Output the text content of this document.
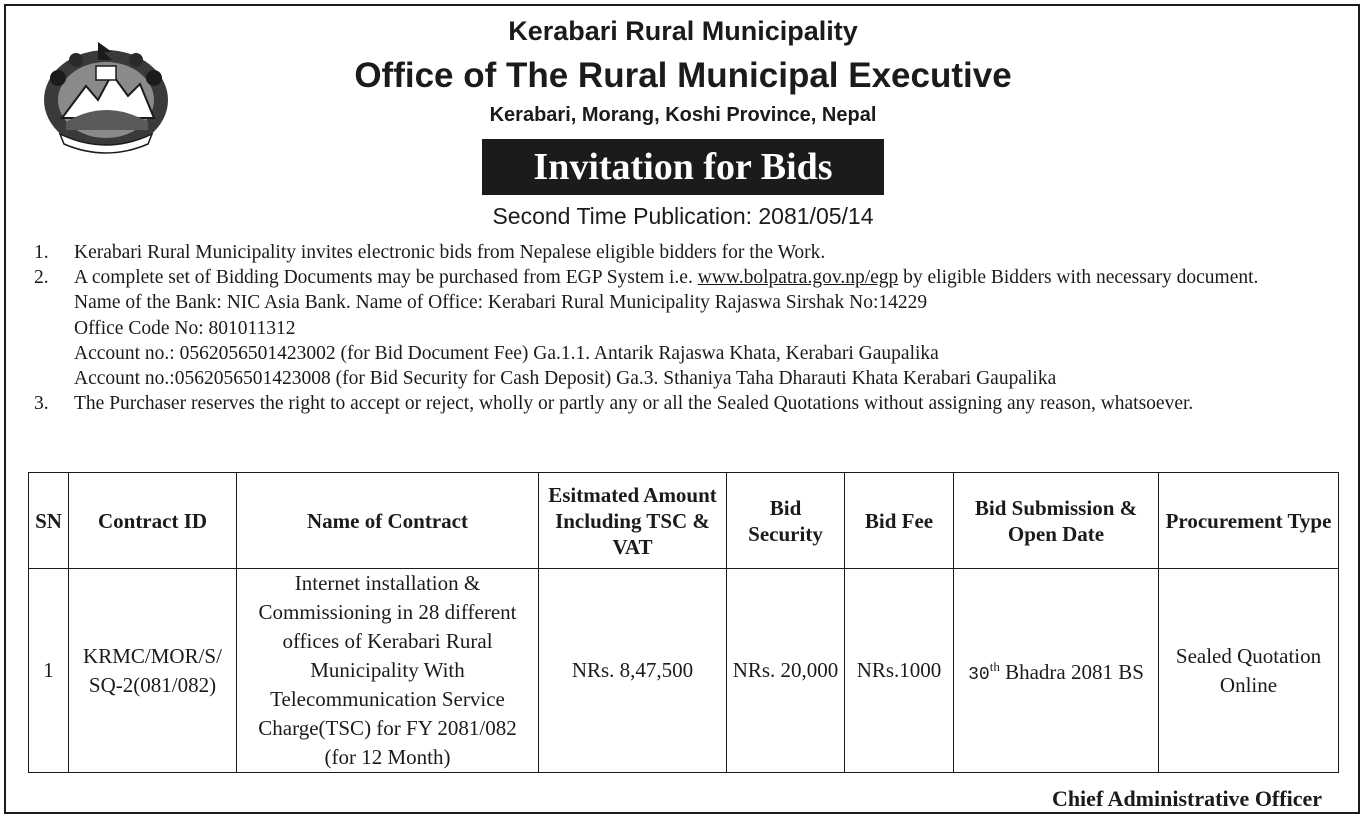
Kerabari Rural Municipality
Office of The Rural Municipal Executive
Kerabari, Morang, Koshi Province, Nepal
Invitation for Bids
Second Time Publication: 2081/05/14
1.	Kerabari Rural Municipality invites electronic bids from Nepalese eligible bidders for the Work.
2.	A complete set of Bidding Documents may be purchased from EGP System i.e. www.bolpatra.gov.np/egp by eligible Bidders with necessary document.
Name of the Bank: NIC Asia Bank. Name of Office: Kerabari Rural Municipality Rajaswa Sirshak No:14229
Office Code No: 801011312
Account no.: 0562056501423002 (for Bid Document Fee) Ga.1.1. Antarik Rajaswa Khata, Kerabari Gaupalika
Account no.:0562056501423008 (for Bid Security for Cash Deposit) Ga.3. Sthaniya Taha Dharauti Khata Kerabari Gaupalika
3.	The Purchaser reserves the right to accept or reject, wholly or partly any or all the Sealed Quotations without assigning any reason, whatsoever.
SN	Contract ID	Name of Contract	Esitmated Amount Including TSC & VAT	Bid Security	Bid Fee	Bid Submission & Open Date	Procurement Type
1	KRMC/MOR/S/ SQ-2(081/082)	Internet installation & Commissioning in 28 different offices of Kerabari Rural Municipality With Telecommunication Service Charge(TSC) for FY 2081/082 (for 12 Month)	NRs. 8,47,500	NRs. 20,000	NRs.1000	30th Bhadra 2081 BS	Sealed Quotation Online
Chief Administrative Officer
